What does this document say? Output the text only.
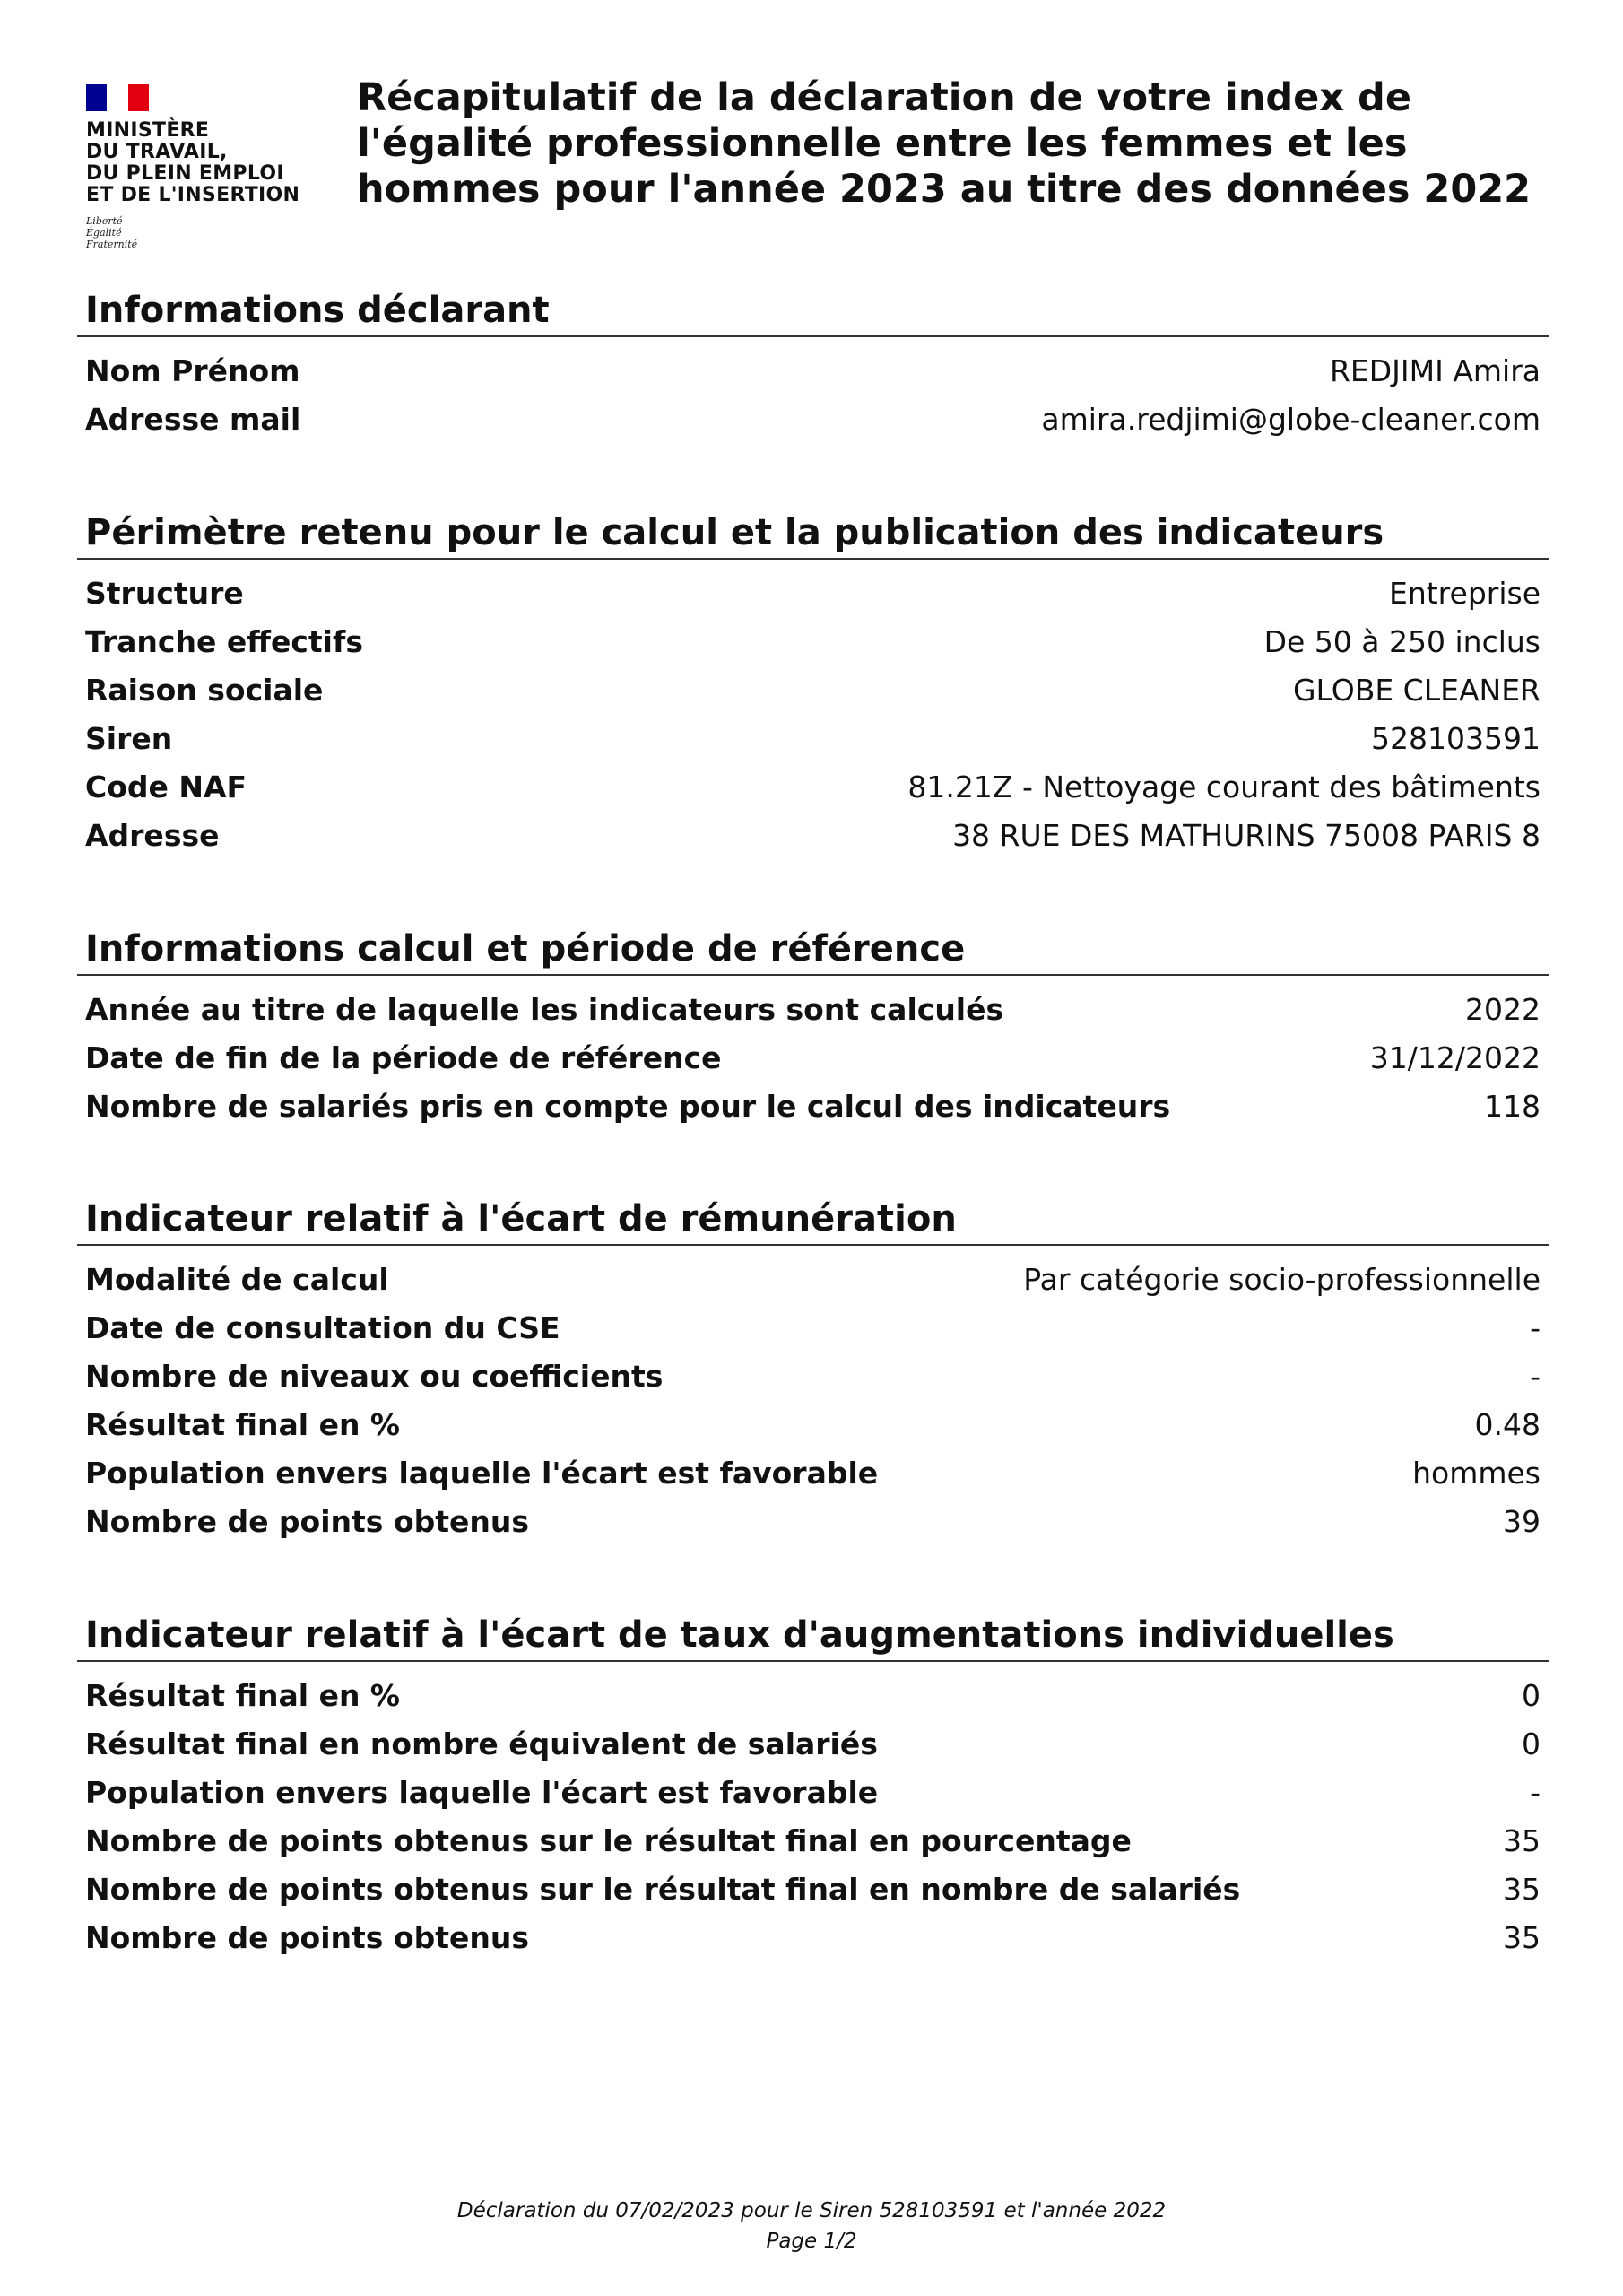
MINISTÈRE
DU TRAVAIL,
DU PLEIN EMPLOI
ET DE L'INSERTION
Liberté
Égalité
Fraternité
Récapitulatif de la déclaration de votre index de l'égalité professionnelle entre les femmes et les hommes pour l'année 2023 au titre des données 2022
Informations déclarant
Nom Prénom	REDJIMI Amira
Adresse mail	amira.redjimi@globe-cleaner.com
Périmètre retenu pour le calcul et la publication des indicateurs
Structure	Entreprise
Tranche effectifs	De 50 à 250 inclus
Raison sociale	GLOBE CLEANER
Siren	528103591
Code NAF	81.21Z - Nettoyage courant des bâtiments
Adresse	38 RUE DES MATHURINS 75008 PARIS 8
Informations calcul et période de référence
Année au titre de laquelle les indicateurs sont calculés	2022
Date de fin de la période de référence	31/12/2022
Nombre de salariés pris en compte pour le calcul des indicateurs	118
Indicateur relatif à l'écart de rémunération
Modalité de calcul	Par catégorie socio-professionnelle
Date de consultation du CSE	-
Nombre de niveaux ou coefficients	-
Résultat final en %	0.48
Population envers laquelle l'écart est favorable	hommes
Nombre de points obtenus	39
Indicateur relatif à l'écart de taux d'augmentations individuelles
Résultat final en %	0
Résultat final en nombre équivalent de salariés	0
Population envers laquelle l'écart est favorable	-
Nombre de points obtenus sur le résultat final en pourcentage	35
Nombre de points obtenus sur le résultat final en nombre de salariés	35
Nombre de points obtenus	35
Déclaration du 07/02/2023 pour le Siren 528103591 et l'année 2022
Page 1/2
